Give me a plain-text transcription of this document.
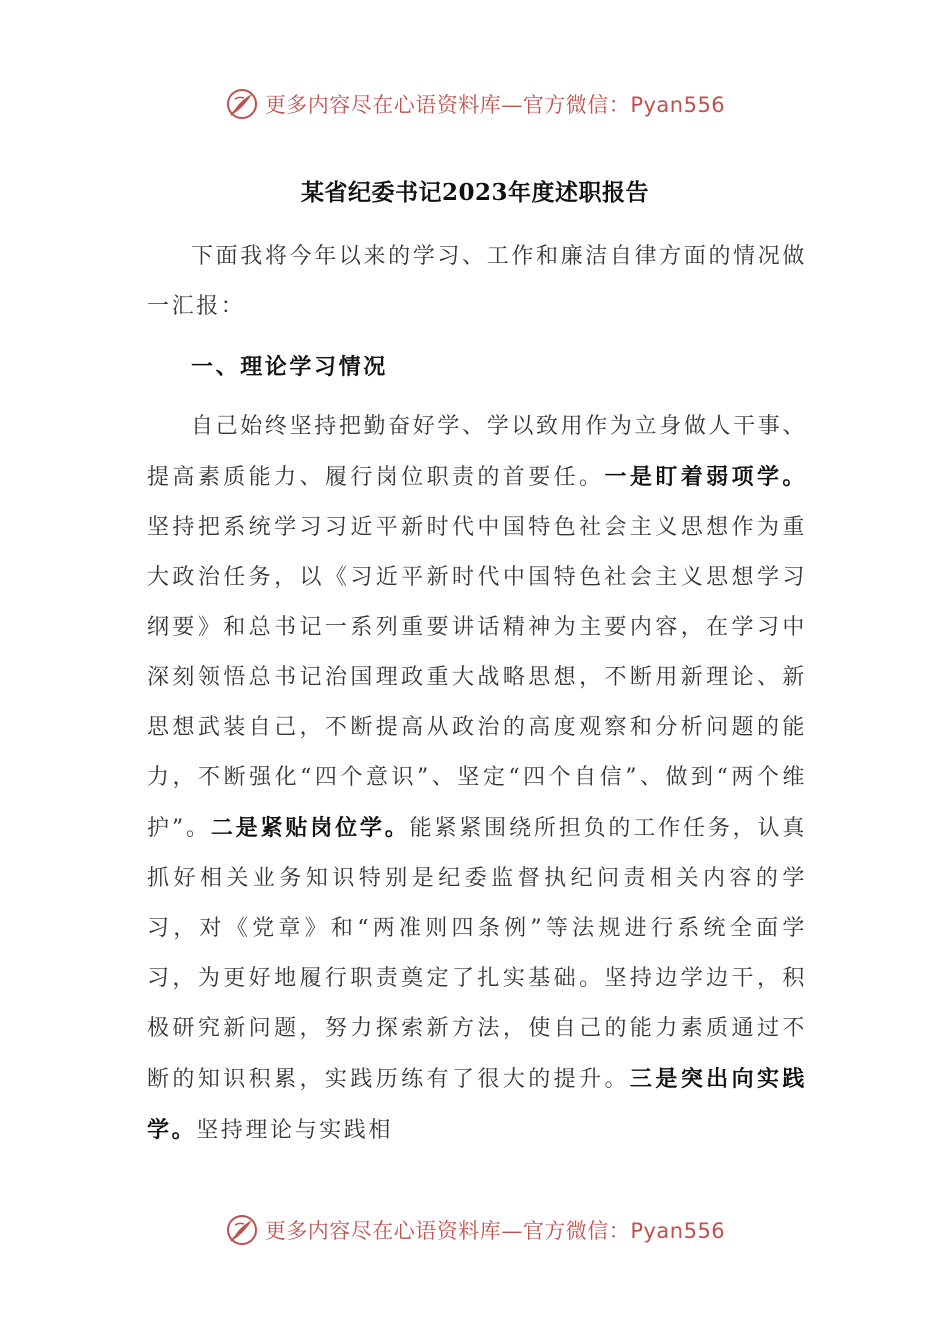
更多内容尽在心语资料库—官方微信：Pyan556
某省纪委书记2023年度述职报告

下面我将今年以来的学习、工作和廉洁自律方面的情况做一汇报：

一、理论学习情况

自己始终坚持把勤奋好学、学以致用作为立身做人干事、提高素质能力、履行岗位职责的首要任。一是盯着弱项学。坚持把系统学习习近平新时代中国特色社会主义思想作为重大政治任务，以《习近平新时代中国特色社会主义思想学习纲要》和总书记一系列重要讲话精神为主要内容，在学习中深刻领悟总书记治国理政重大战略思想，不断用新理论、新思想武装自己，不断提高从政治的高度观察和分析问题的能力，不断强化“四个意识”、坚定“四个自信”、做到“两个维护”。二是紧贴岗位学。能紧紧围绕所担负的工作任务，认真抓好相关业务知识特别是纪委监督执纪问责相关内容的学习，对《党章》和“两准则四条例”等法规进行系统全面学习，为更好地履行职责奠定了扎实基础。坚持边学边干，积极研究新问题，努力探索新方法，使自己的能力素质通过不断的知识积累，实践历练有了很大的提升。三是突出向实践学。坚持理论与实践相

更多内容尽在心语资料库—官方微信：Pyan556
